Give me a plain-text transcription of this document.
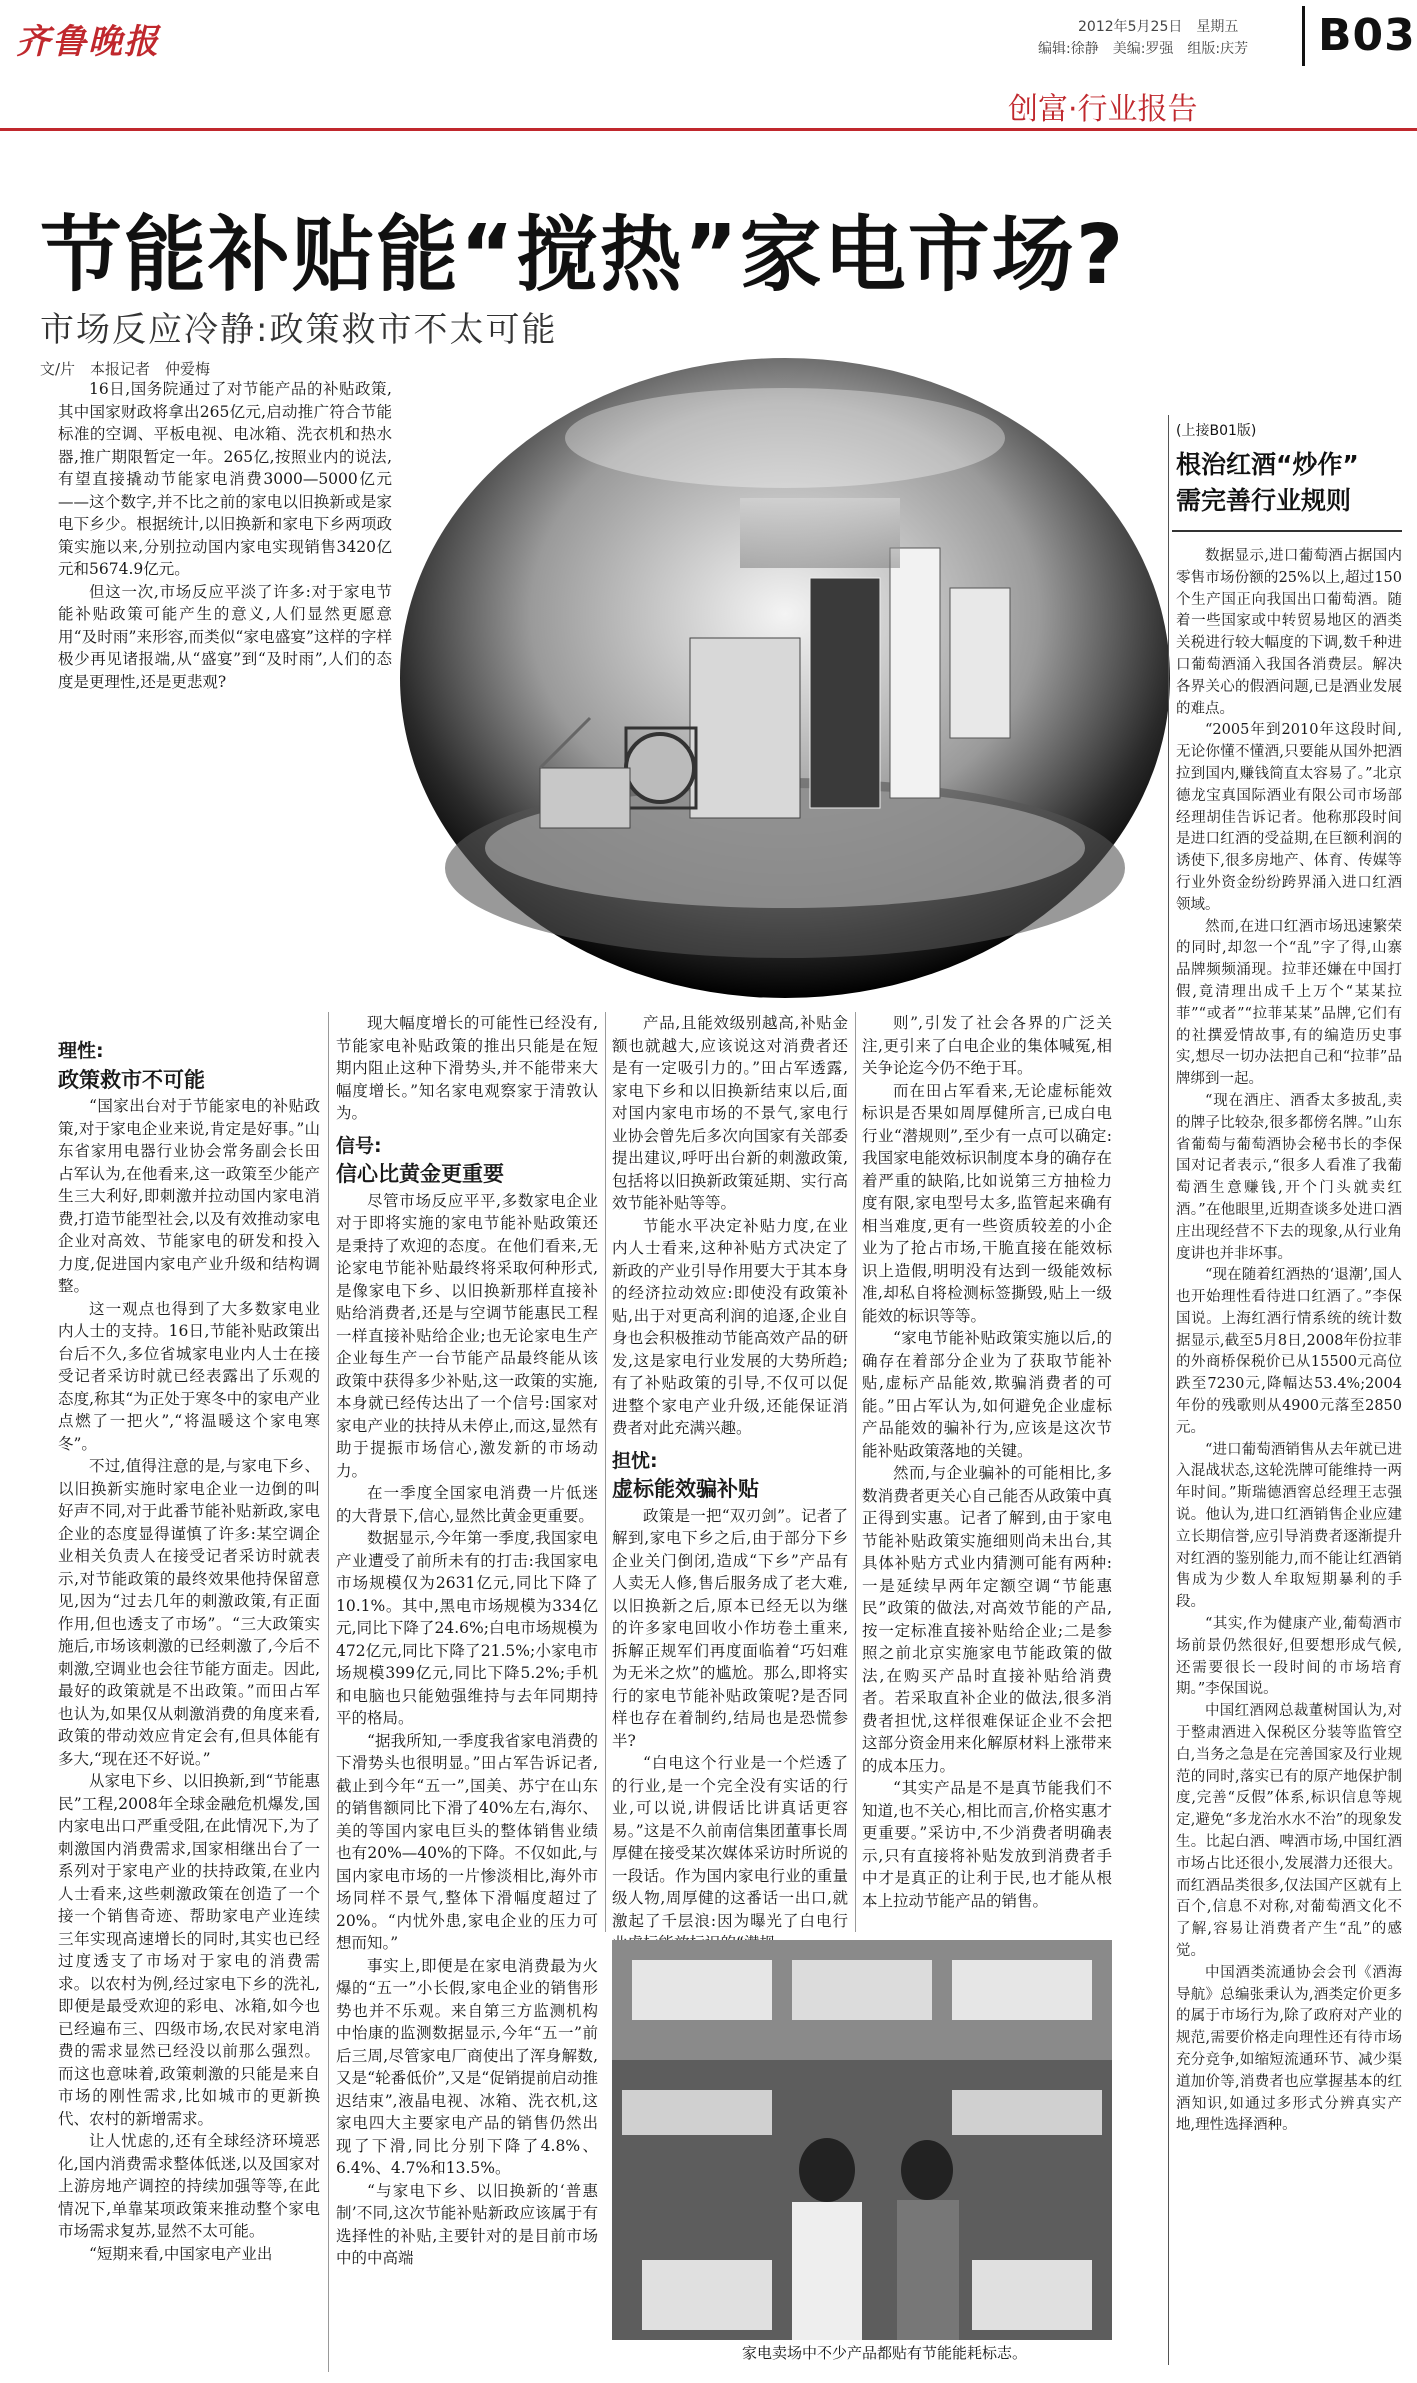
齐鲁晚报	2012年5月25日　星期五
编辑:徐静　美编:罗强　组版:庆芳 B03
创富·行业报告
节能补贴能“搅热”家电市场?
市场反应冷静:政策救市不太可能
文/片　本报记者　仲爱梅

16日,国务院通过了对节能产品的补贴政策,其中国家财政将拿出265亿元,启动推广符合节能标准的空调、平板电视、电冰箱、洗衣机和热水器,推广期限暂定一年。265亿,按照业内的说法,有望直接撬动节能家电消费3000—5000亿元——这个数字,并不比之前的家电以旧换新或是家电下乡少。根据统计,以旧换新和家电下乡两项政策实施以来,分别拉动国内家电实现销售3420亿元和5674.9亿元。

但这一次,市场反应平淡了许多:对于家电节能补贴政策可能产生的意义,人们显然更愿意用“及时雨”来形容,而类似“家电盛宴”这样的字样极少再见诸报端,从“盛宴”到“及时雨”,人们的态度是更理性,还是更悲观?

理性:
政策救市不可能

“国家出台对于节能家电的补贴政策,对于家电企业来说,肯定是好事。”山东省家用电器行业协会常务副会长田占军认为,在他看来,这一政策至少能产生三大利好,即刺激并拉动国内家电消费,打造节能型社会,以及有效推动家电企业对高效、节能家电的研发和投入力度,促进国内家电产业升级和结构调整。

这一观点也得到了大多数家电业内人士的支持。16日,节能补贴政策出台后不久,多位省城家电业内人士在接受记者采访时就已经表露出了乐观的态度,称其“为正处于寒冬中的家电产业点燃了一把火”,“将温暖这个家电寒冬”。

不过,值得注意的是,与家电下乡、以旧换新实施时家电企业一边倒的叫好声不同,对于此番节能补贴新政,家电企业的态度显得谨慎了许多:某空调企业相关负责人在接受记者采访时就表示,对节能政策的最终效果他持保留意见,因为“过去几年的刺激政策,有正面作用,但也透支了市场”。“三大政策实施后,市场该刺激的已经刺激了,今后不刺激,空调业也会往节能方面走。因此,最好的政策就是不出政策。”而田占军也认为,如果仅从刺激消费的角度来看,政策的带动效应肯定会有,但具体能有多大,“现在还不好说。”

从家电下乡、以旧换新,到“节能惠民”工程,2008年全球金融危机爆发,国内家电出口严重受阻,在此情况下,为了刺激国内消费需求,国家相继出台了一系列对于家电产业的扶持政策,在业内人士看来,这些刺激政策在创造了一个接一个销售奇迹、帮助家电产业连续三年实现高速增长的同时,其实也已经过度透支了市场对于家电的消费需求。以农村为例,经过家电下乡的洗礼,即便是最受欢迎的彩电、冰箱,如今也已经遍布三、四级市场,农民对家电消费的需求显然已经没以前那么强烈。而这也意味着,政策刺激的只能是来自市场的刚性需求,比如城市的更新换代、农村的新增需求。

让人忧虑的,还有全球经济环境恶化,国内消费需求整体低迷,以及国家对上游房地产调控的持续加强等等,在此情况下,单靠某项政策来推动整个家电市场需求复苏,显然不太可能。

“短期来看,中国家电产业出

现大幅度增长的可能性已经没有,节能家电补贴政策的推出只能是在短期内阻止这种下滑势头,并不能带来大幅度增长。”知名家电观察家于清敦认为。

信号:
信心比黄金更重要

尽管市场反应平平,多数家电企业对于即将实施的家电节能补贴政策还是秉持了欢迎的态度。在他们看来,无论家电节能补贴最终将采取何种形式,是像家电下乡、以旧换新那样直接补贴给消费者,还是与空调节能惠民工程一样直接补贴给企业;也无论家电生产企业每生产一台节能产品最终能从该政策中获得多少补贴,这一政策的实施,本身就已经传达出了一个信号:国家对家电产业的扶持从未停止,而这,显然有助于提振市场信心,激发新的市场动力。

在一季度全国家电消费一片低迷的大背景下,信心,显然比黄金更重要。

数据显示,今年第一季度,我国家电产业遭受了前所未有的打击:我国家电市场规模仅为2631亿元,同比下降了10.1%。其中,黑电市场规模为334亿元,同比下降了24.6%;白电市场规模为472亿元,同比下降了21.5%;小家电市场规模399亿元,同比下降5.2%;手机和电脑也只能勉强维持与去年同期持平的格局。

“据我所知,一季度我省家电消费的下滑势头也很明显。”田占军告诉记者,截止到今年“五一”,国美、苏宁在山东的销售额同比下滑了40%左右,海尔、美的等国内家电巨头的整体销售业绩也有20%—40%的下降。不仅如此,与国内家电市场的一片惨淡相比,海外市场同样不景气,整体下滑幅度超过了20%。“内忧外患,家电企业的压力可想而知。”

事实上,即便是在家电消费最为火爆的“五一”小长假,家电企业的销售形势也并不乐观。来自第三方监测机构中怡康的监测数据显示,今年“五一”前后三周,尽管家电厂商使出了浑身解数,又是“轮番低价”,又是“促销提前启动推迟结束”,液晶电视、冰箱、洗衣机,这家电四大主要家电产品的销售仍然出现了下滑,同比分别下降了4.8%、6.4%、4.7%和13.5%。

“与家电下乡、以旧换新的‘普惠制’不同,这次节能补贴新政应该属于有选择性的补贴,主要针对的是目前市场中的中高端

产品,且能效级别越高,补贴金额也就越大,应该说这对消费者还是有一定吸引力的。”田占军透露,家电下乡和以旧换新结束以后,面对国内家电市场的不景气,家电行业协会曾先后多次向国家有关部委提出建议,呼吁出台新的刺激政策,包括将以旧换新政策延期、实行高效节能补贴等等。

节能水平决定补贴力度,在业内人士看来,这种补贴方式决定了新政的产业引导作用要大于其本身的经济拉动效应:即使没有政策补贴,出于对更高利润的追逐,企业自身也会积极推动节能高效产品的研发,这是家电行业发展的大势所趋;有了补贴政策的引导,不仅可以促进整个家电产业升级,还能保证消费者对此充满兴趣。

担忧:
虚标能效骗补贴

政策是一把“双刃剑”。记者了解到,家电下乡之后,由于部分下乡企业关门倒闭,造成“下乡”产品有人卖无人修,售后服务成了老大难,以旧换新之后,原本已经无以为继的许多家电回收小作坊卷土重来,拆解正规军们再度面临着“巧妇难为无米之炊”的尴尬。那么,即将实行的家电节能补贴政策呢?是否同样也存在着制约,结局也是恐慌参半?

“白电这个行业是一个烂透了的行业,是一个完全没有实话的行业,可以说,讲假话比讲真话更容易。”这是不久前南信集团董事长周厚健在接受某次媒体采访时所说的一段话。作为国内家电行业的重量级人物,周厚健的这番话一出口,就激起了千层浪:因为曝光了白电行

则”,引发了社会各界的广泛关注,更引来了白电企业的集体喊冤,相关争论迄今仍不绝于耳。

而在田占军看来,无论虚标能效标识是否果如周厚健所言,已成白电行业“潜规则”,至少有一点可以确定:我国家电能效标识制度本身的确存在着严重的缺陷,比如说第三方抽检力度有限,家电型号太多,监管起来确有相当难度,更有一些资质较差的小企业为了抢占市场,干脆直接在能效标识上造假,明明没有达到一级能效标准,却私自将检测标签撕毁,贴上一级能效的标识等等。

“家电节能补贴政策实施以后,的确存在着部分企业为了获取节能补贴,虚标产品能效,欺骗消费者的可能。”田占军认为,如何避免企业虚标产品能效的骗补行为,应该是这次节能补贴政策落地的关键。

然而,与企业骗补的可能相比,多数消费者更关心自己能否从政策中真正得到实惠。记者了解到,由于家电节能补贴政策实施细则尚未出台,其具体补贴方式业内猜测可能有两种:一是延续早两年定额空调“节能惠民”政策的做法,对高效节能的产品,按一定标准直接补贴给企业;二是参照之前北京实施家电节能政策的做法,在购买产品时直接补贴给消费者。若采取直补企业的做法,很多消费者担忧,这样很难保证企业不会把这部分资金用来化解原材料上涨带来的成本压力。

“其实产品是不是真节能我们不知道,也不关心,相比而言,价格实惠才更重要。”采访中,不少消费者明确表示,只有直接将补贴发放到消费者手中才是真正的让利于民,也才能从根本上拉动节能产品的销售。

家电卖场中不少产品都贴有节能能耗标志。
(上接B01版)
根治红酒“炒作”
需完善行业规则

数据显示,进口葡萄酒占据国内零售市场份额的25%以上,超过150个生产国正向我国出口葡萄酒。随着一些国家或中转贸易地区的酒类关税进行较大幅度的下调,数千种进口葡萄酒涌入我国各消费层。解决各界关心的假酒问题,已是酒业发展的难点。

“2005年到2010年这段时间,无论你懂不懂酒,只要能从国外把酒拉到国内,赚钱简直太容易了。”北京德龙宝真国际酒业有限公司市场部经理胡佳告诉记者。他称那段时间是进口红酒的受益期,在巨额利润的诱使下,很多房地产、体育、传媒等行业外资金纷纷跨界涌入进口红酒领域。

然而,在进口红酒市场迅速繁荣的同时,却忽一个“乱”字了得,山寨品牌频频涌现。拉菲还嫌在中国打假,竟清理出成千上万个“某某拉菲”“或者”“拉菲某某”品牌,它们有的社撰爱情故事,有的编造历史事实,想尽一切办法把自己和“拉菲”品牌绑到一起。

“现在酒庄、酒香太多披乱,卖的牌子比较杂,很多都傍名牌。”山东省葡萄与葡萄酒协会秘书长的李保国对记者表示,“很多人看准了我葡萄酒生意赚钱,开个门头就卖红酒。”在他眼里,近期查谈多处进口酒庄出现经营不下去的现象,从行业角度讲也并非坏事。

“现在随着红酒热的‘退潮’,国人也开始理性看待进口红酒了。”李保国说。上海红酒行情系统的统计数据显示,截至5月8日,2008年份拉菲的外商桥保税价已从15500元高位跌至7230元,降幅达53.4%;2004年份的残歌则从4900元落至2850元。

“进口葡萄酒销售从去年就已进入混战状态,这轮洗牌可能维持一两年时间。”斯瑞德酒窖总经理王志强说。他认为,进口红酒销售企业应建立长期信誉,应引导消费者逐渐提升对红酒的鉴别能力,而不能让红酒销售成为少数人牟取短期暴利的手段。

“其实,作为健康产业,葡萄酒市场前景仍然很好,但要想形成气候,还需要很长一段时间的市场培育期。”李保国说。

中国红酒网总裁董树国认为,对于整肃酒进入保税区分装等监管空白,当务之急是在完善国家及行业规范的同时,落实已有的原产地保护制度,完善“反假”体系,标识信息等规定,避免“多龙治水水不治”的现象发生。比起白酒、啤酒市场,中国红酒市场占比还很小,发展潜力还很大。而红酒品类很多,仅法国产区就有上百个,信息不对称,对葡萄酒文化不了解,容易让消费者产生“乱”的感觉。

中国酒类流通协会会刊《酒海导航》总编张秉认为,酒类定价更多的属于市场行为,除了政府对产业的规范,需要价格走向理性还有待市场充分竞争,如缩短流通环节、减少渠道加价等,消费者也应掌握基本的红酒知识,如通过多形式分辨真实产地,理性选择酒种。
